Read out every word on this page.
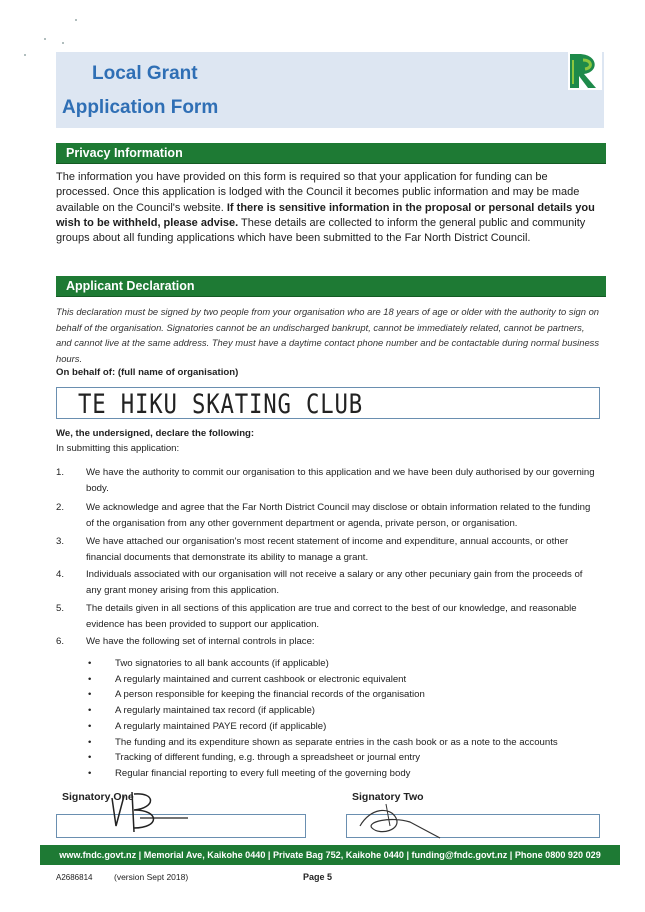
Local Grant
Application Form
Privacy Information

The information you have provided on this form is required so that your application for funding can be processed. Once this application is lodged with the Council it becomes public information and may be made available on the Council's website. If there is sensitive information in the proposal or personal details you wish to be withheld, please advise. These details are collected to inform the general public and community groups about all funding applications which have been submitted to the Far North District Council.

Applicant Declaration

This declaration must be signed by two people from your organisation who are 18 years of age or older with the authority to sign on behalf of the organisation. Signatories cannot be an undischarged bankrupt, cannot be immediately related, cannot be partners, and cannot live at the same address. They must have a daytime contact phone number and be contactable during normal business hours.

On behalf of: (full name of organisation)
TE HIKU SKATING CLUB
We, the undersigned, declare the following:
In submitting this application:
1.	We have the authority to commit our organisation to this application and we have been duly authorised by our governing body.
2.	We acknowledge and agree that the Far North District Council may disclose or obtain information related to the funding of the organisation from any other government department or agenda, private person, or organisation.
3.	We have attached our organisation's most recent statement of income and expenditure, annual accounts, or other financial documents that demonstrate its ability to manage a grant.
4.	Individuals associated with our organisation will not receive a salary or any other pecuniary gain from the proceeds of any grant money arising from this application.
5.	The details given in all sections of this application are true and correct to the best of our knowledge, and reasonable evidence has been provided to support our application.
6.	We have the following set of internal controls in place:
•	Two signatories to all bank accounts (if applicable)
•	A regularly maintained and current cashbook or electronic equivalent
•	A person responsible for keeping the financial records of the organisation
•	A regularly maintained tax record (if applicable)
•	A regularly maintained PAYE record (if applicable)
•	The funding and its expenditure shown as separate entries in the cash book or as a note to the accounts
•	Tracking of different funding, e.g. through a spreadsheet or journal entry
•	Regular financial reporting to every full meeting of the governing body
Signatory One	Signatory Two
www.fndc.govt.nz | Memorial Ave, Kaikohe 0440 | Private Bag 752, Kaikohe 0440 | funding@fndc.govt.nz | Phone 0800 920 029
A2686814	(version Sept 2018)	Page 5
